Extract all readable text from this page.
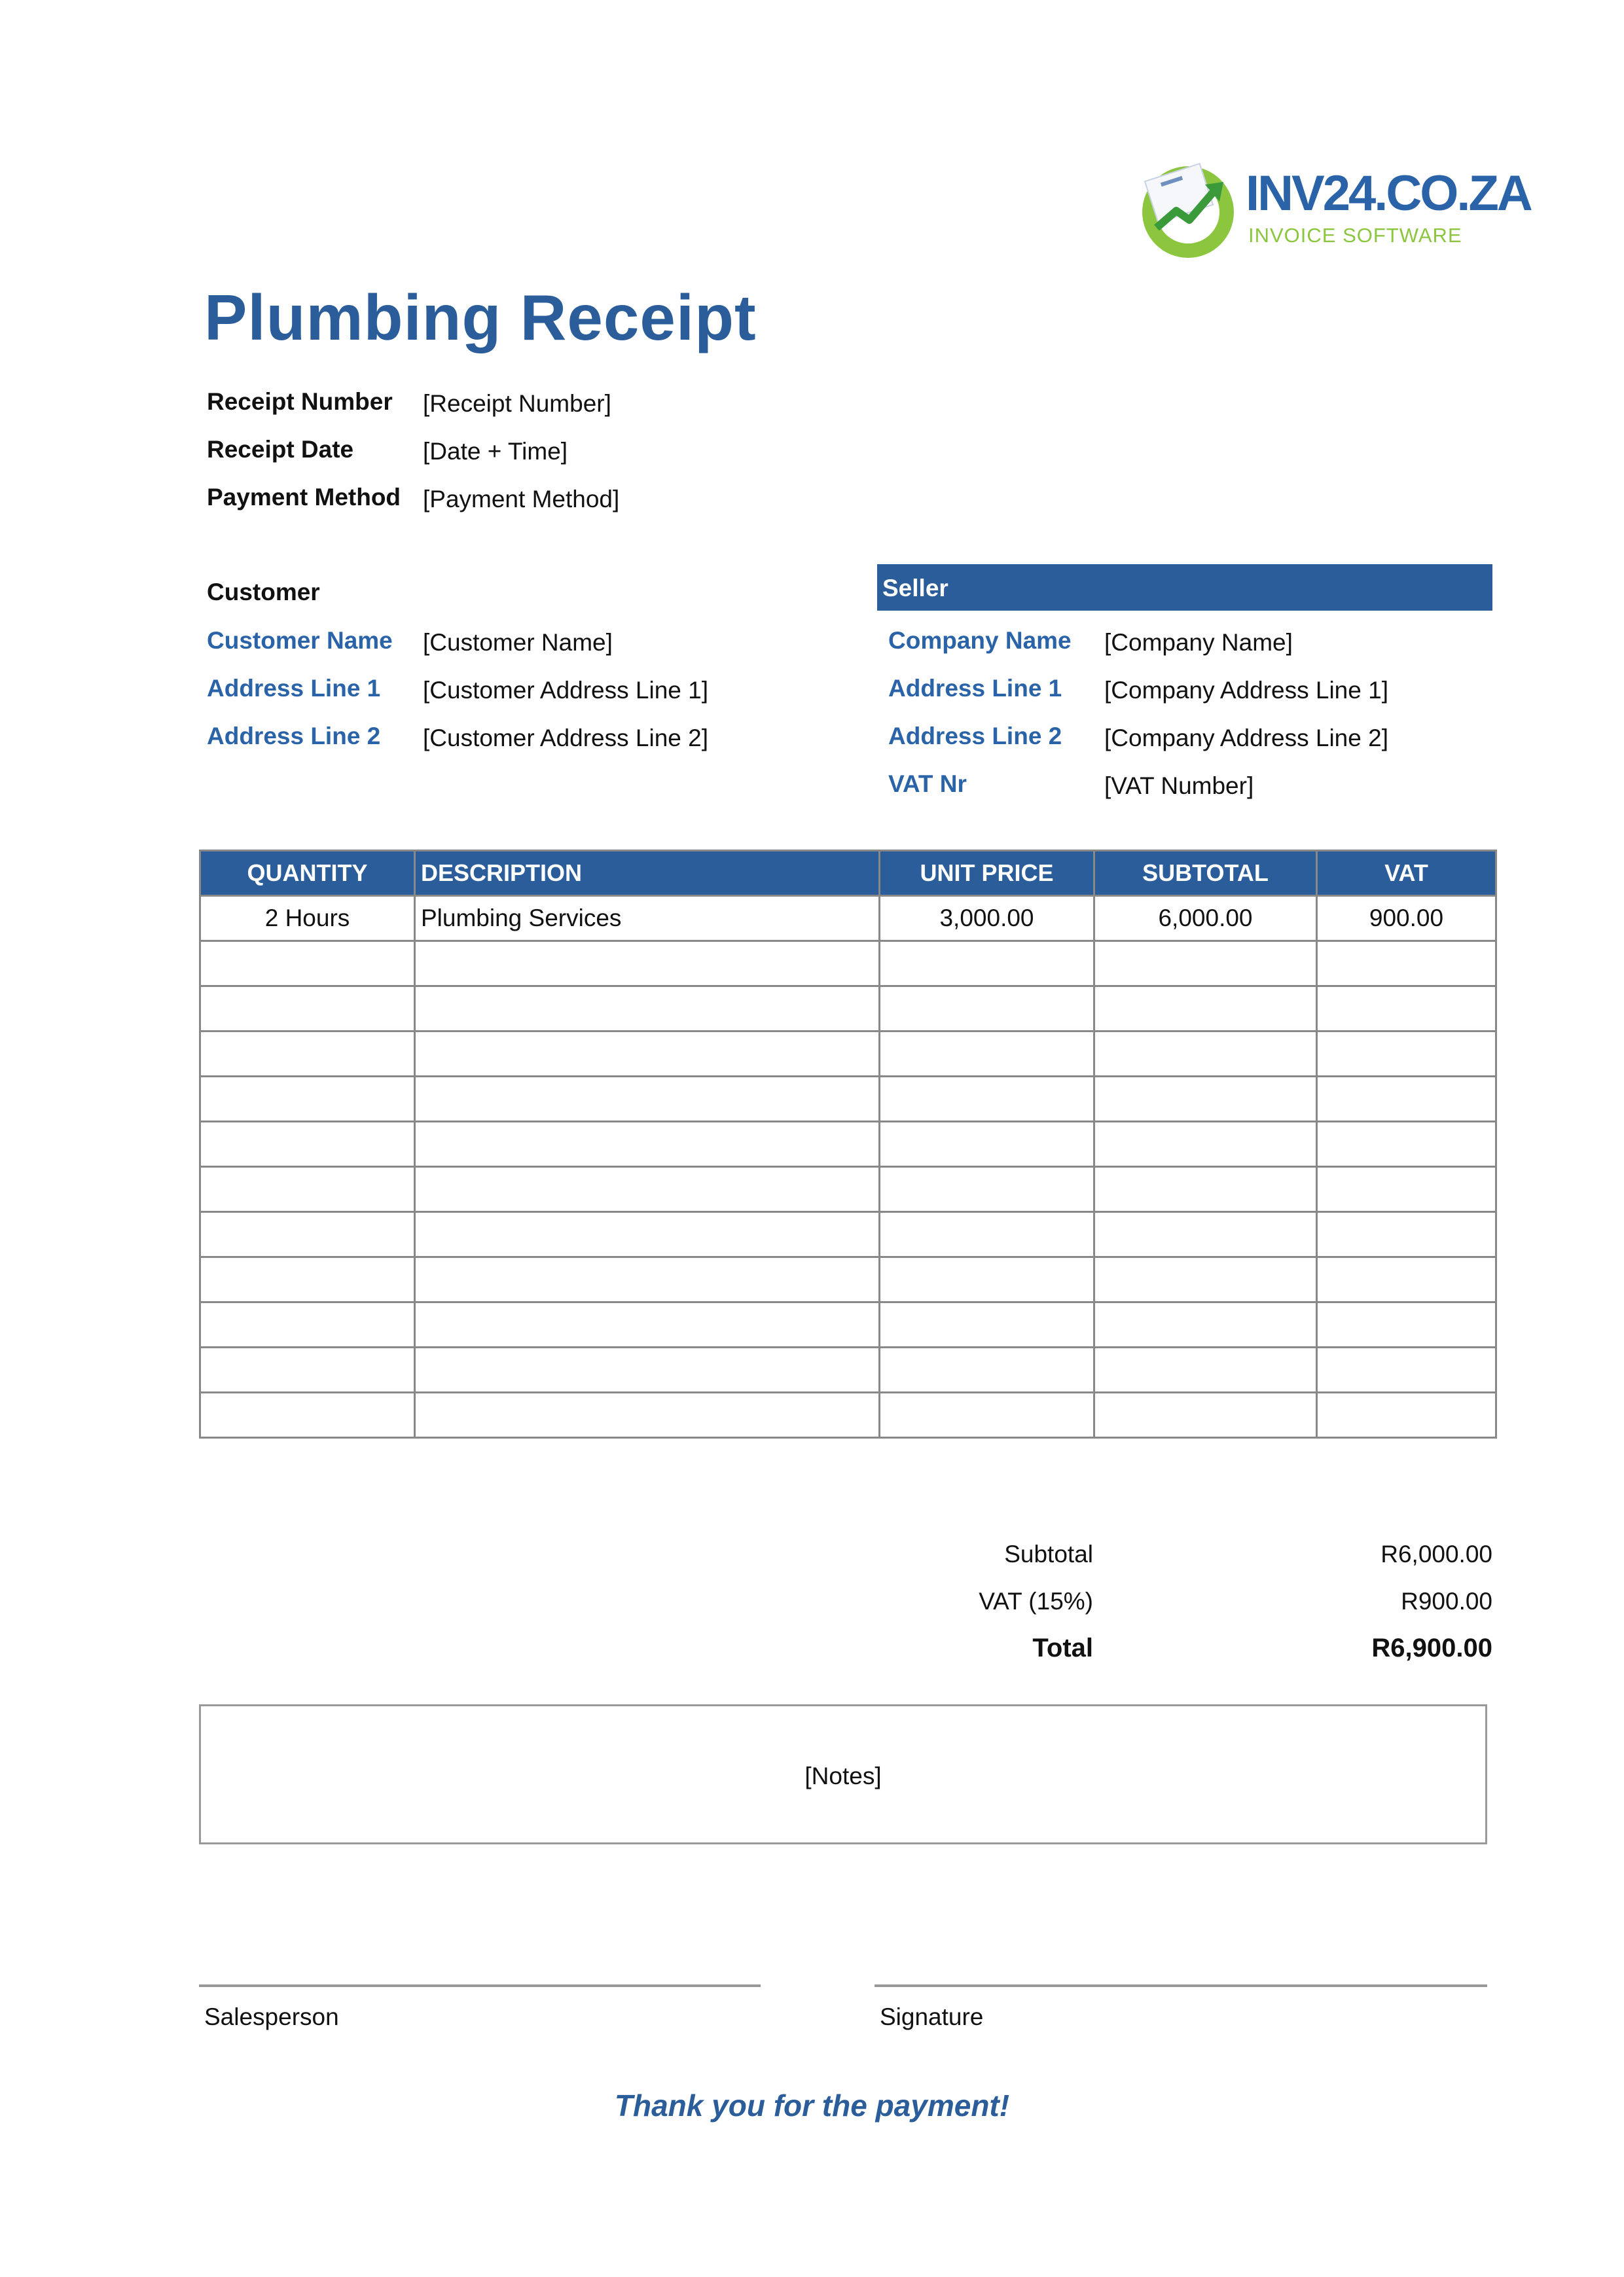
INV24.CO.ZA
INVOICE SOFTWARE
Plumbing Receipt
Receipt Number [Receipt Number]
Receipt Date	[Date + Time]
Payment Method [Payment Method]
Customer
Customer Name [Customer Name]
Address Line 1 [Customer Address Line 1]
Address Line 2 [Customer Address Line 2]
Seller
Company Name [Company Name]
Address Line 1 [Company Address Line 1]
Address Line 2 [Company Address Line 2]
VAT Nr	[VAT Number]
QUANTITY	DESCRIPTION	UNIT PRICE	SUBTOTAL	VAT
2 Hours	Plumbing Services	3,000.00	6,000.00	900.00

Subtotal	R6,000.00
VAT (15%)	R900.00
Total	R6,900.00
[Notes]
Salesperson	Signature
Thank you for the payment!
